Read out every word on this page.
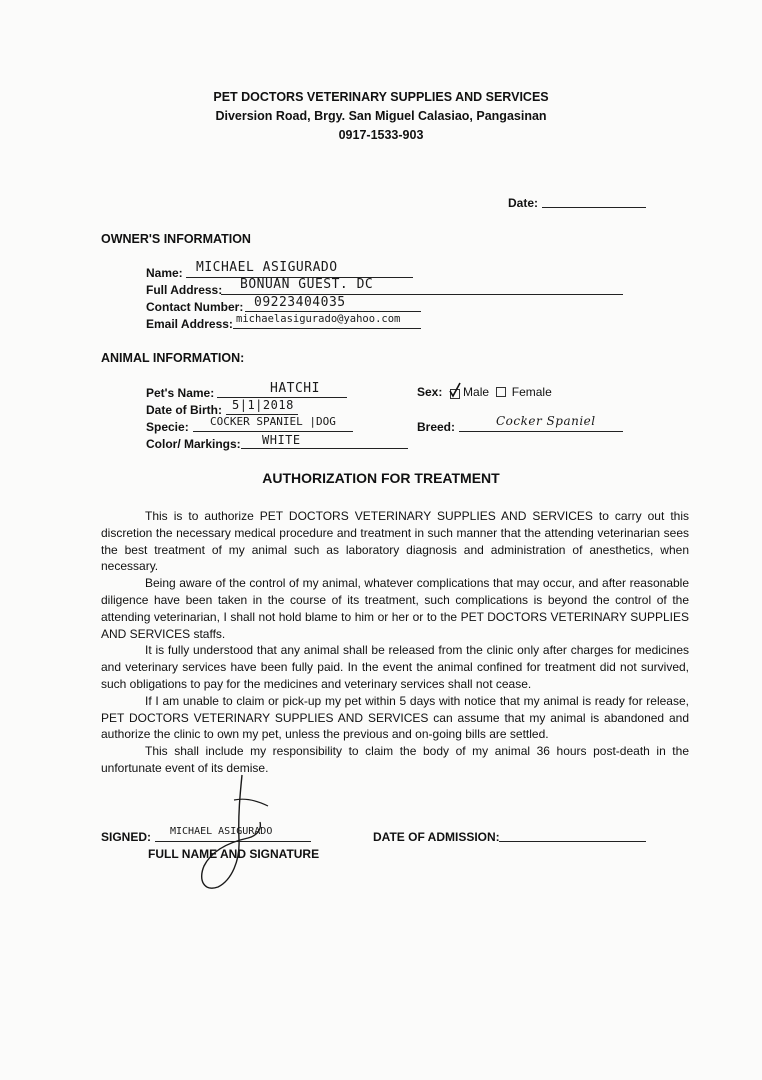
PET DOCTORS VETERINARY SUPPLIES AND SERVICES
Diversion Road, Brgy. San Miguel Calasiao, Pangasinan
0917-1533-903
Date:
OWNER'S INFORMATION
Name: MICHAEL ASIGURADO
Full Address: BONUAN GUEST. DC
Contact Number: 09223404035
Email Address: michaelasigurado@yahoo.com
ANIMAL INFORMATION:
Pet's Name:	HATCHI
Date of Birth: 5|1|2018
Specie: COCKER SPANIEL |DOG
Color/ Markings: WHITE
Sex: Male Female
Breed:	Cocker Spaniel
AUTHORIZATION FOR TREATMENT

This is to authorize PET DOCTORS VETERINARY SUPPLIES AND SERVICES to carry out this discretion the necessary medical procedure and treatment in such manner that the attending veterinarian sees the best treatment of my animal such as laboratory diagnosis and administration of anesthetics, when necessary.

Being aware of the control of my animal, whatever complications that may occur, and after reasonable diligence have been taken in the course of its treatment, such complications is beyond the control of the attending veterinarian, I shall not hold blame to him or her or to the PET DOCTORS VETERINARY SUPPLIES AND SERVICES staffs.

It is fully understood that any animal shall be released from the clinic only after charges for medicines and veterinary services have been fully paid. In the event the animal confined for treatment did not survived, such obligations to pay for the medicines and veterinary services shall not cease.

If I am unable to claim or pick-up my pet within 5 days with notice that my animal is ready for release, PET DOCTORS VETERINARY SUPPLIES AND SERVICES can assume that my animal is abandoned and authorize the clinic to own my pet, unless the previous and on-going bills are settled.

This shall include my responsibility to claim the body of my animal 36 hours post-death in the unfortunate event of its demise.

SIGNED: MICHAEL ASIGURADO
FULL NAME AND SIGNATURE
DATE OF ADMISSION:
